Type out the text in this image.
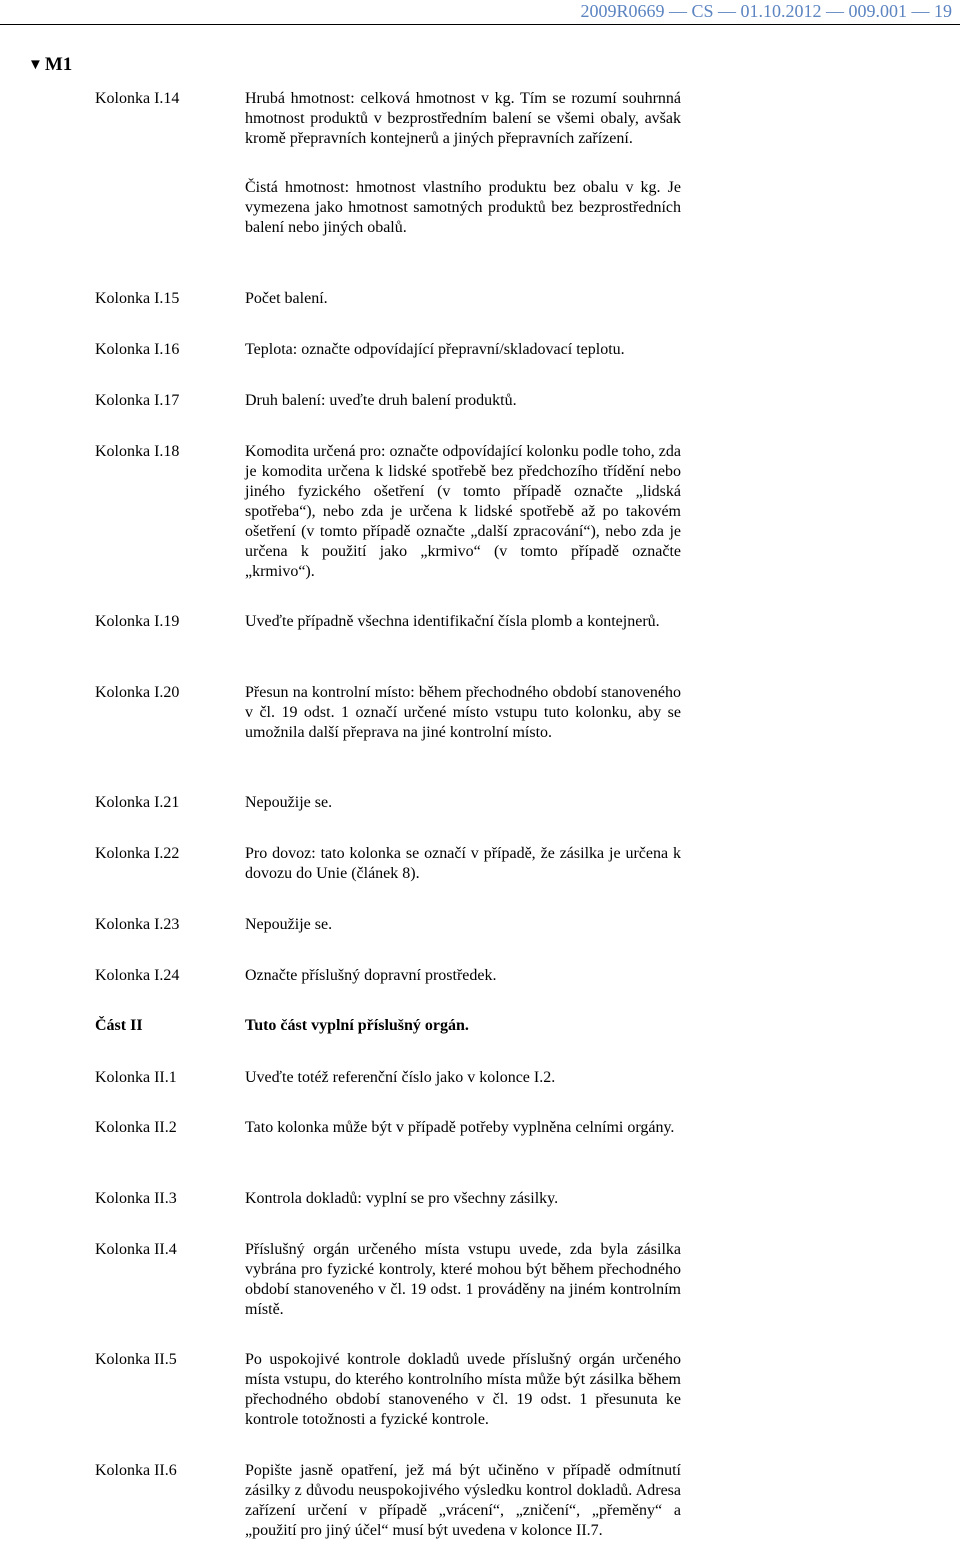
2009R0669 — CS — 01.10.2012 — 009.001 — 19
▼ M1
Kolonka I.14	Hrubá hmotnost: celková hmotnost v kg. Tím se rozumí souhrnná hmotnost produktů v bezprostředním balení se všemi obaly, avšak kromě přepravních kontejnerů a jiných přepravních zařízení.

Čistá hmotnost: hmotnost vlastního produktu bez obalu v kg. Je vymezena jako hmotnost samotných produktů bez bezprostředních balení nebo jiných obalů.

Kolonka I.15	Počet balení.

Kolonka I.16	Teplota: označte odpovídající přepravní/skladovací teplotu.

Kolonka I.17	Druh balení: uveďte druh balení produktů.

Kolonka I.18	Komodita určená pro: označte odpovídající kolonku podle toho, zda je komodita určena k lidské spotřebě bez předchozího třídění nebo jiného fyzického ošetření (v tomto případě označte „lidská spotřeba“), nebo zda je určena k lidské spotřebě až po takovém ošetření (v tomto případě označte „další zpracování“), nebo zda je určena k použití jako „krmivo“ (v tomto případě označte „krmivo“).

Kolonka I.19	Uveďte případně všechna identifikační čísla plomb a kontejnerů.

Kolonka I.20	Přesun na kontrolní místo: během přechodného období stanoveného v čl. 19 odst. 1 označí určené místo vstupu tuto kolonku, aby se umožnila další přeprava na jiné kontrolní místo.

Kolonka I.21	Nepoužije se.

Kolonka I.22	Pro dovoz: tato kolonka se označí v případě, že zásilka je určena k dovozu do Unie (článek 8).

Kolonka I.23	Nepoužije se.

Kolonka I.24	Označte příslušný dopravní prostředek.

Část II	Tuto část vyplní příslušný orgán.

Kolonka II.1	Uveďte totéž referenční číslo jako v kolonce I.2.

Kolonka II.2	Tato kolonka může být v případě potřeby vyplněna celními orgány.

Kolonka II.3	Kontrola dokladů: vyplní se pro všechny zásilky.

Kolonka II.4	Příslušný orgán určeného místa vstupu uvede, zda byla zásilka vybrána pro fyzické kontroly, které mohou být během přechodného období stanoveného v čl. 19 odst. 1 prováděny na jiném kontrolním místě.

Kolonka II.5	Po uspokojivé kontrole dokladů uvede příslušný orgán určeného místa vstupu, do kterého kontrolního místa může být zásilka během přechodného období stanoveného v čl. 19 odst. 1 přesunuta ke kontrole totožnosti a fyzické kontrole.

Kolonka II.6	Popište jasně opatření, jež má být učiněno v případě odmítnutí zásilky z důvodu neuspokojivého výsledku kontrol dokladů. Adresa zařízení určení v případě „vrácení“, „zničení“, „přeměny“ a „použití pro jiný účel“ musí být uvedena v kolonce II.7.
